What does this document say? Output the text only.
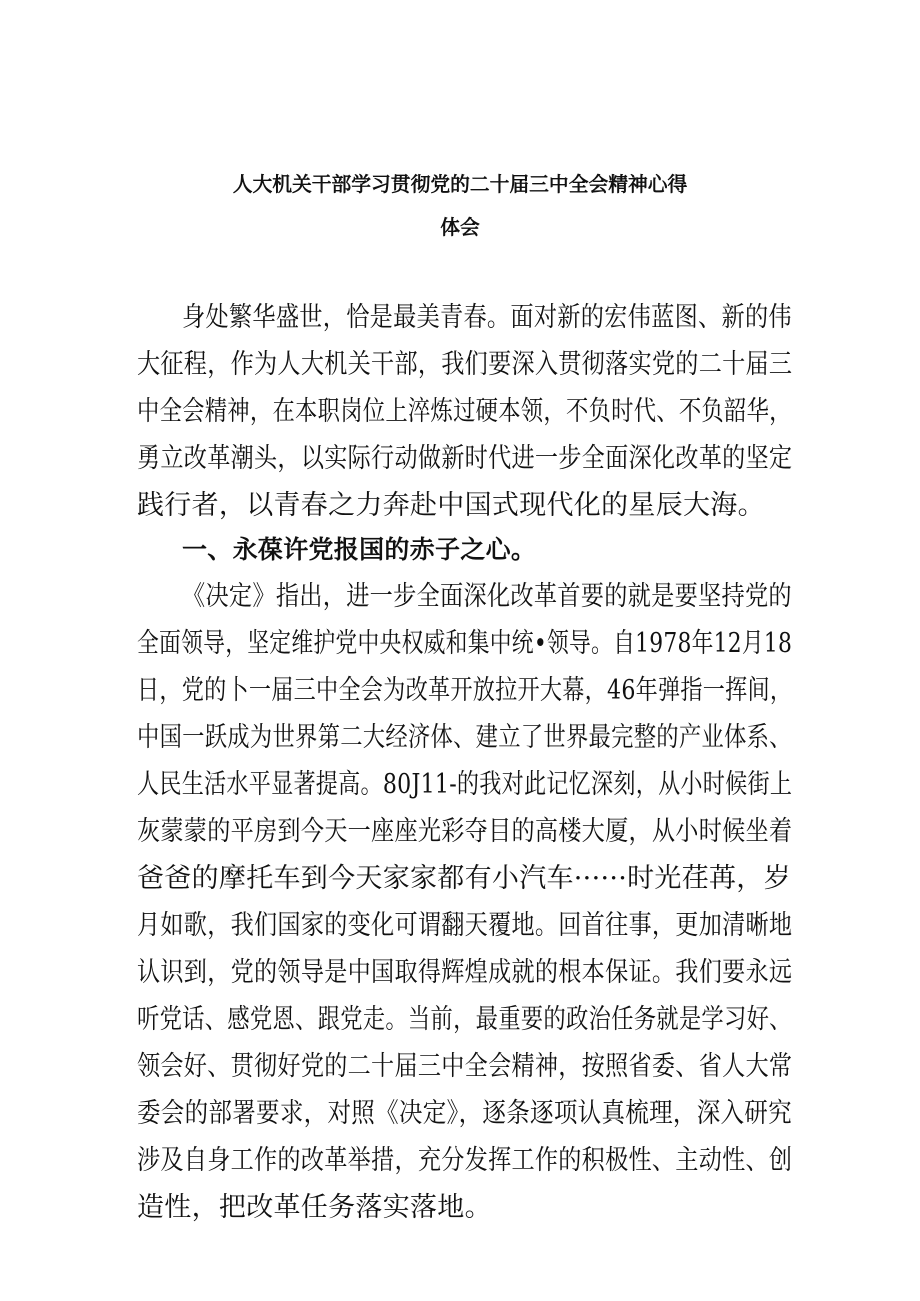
人大机关干部学习贯彻党的二十届三中全会精神心得
体会
身处繁华盛世，恰是最美青春。面对新的宏伟蓝图、新的伟
大征程，作为人大机关干部，我们要深入贯彻落实党的二十届三
中全会精神，在本职岗位上淬炼过硬本领，不负时代、不负韶华，
勇立改革潮头，以实际行动做新时代进一步全面深化改革的坚定
践行者，以青春之力奔赴中国式现代化的星辰大海。
一、永葆许党报国的赤子之心。
《决定》指出，进一步全面深化改革首要的就是要坚持党的
全面领导，坚定维护党中央权威和集中统•领导。自1978年12月18
日，党的卜一届三中全会为改革开放拉开大幕，46年弹指一挥间，
中国一跃成为世界第二大经济体、建立了世界最完整的产业体系、
人民生活水平显著提高。80J11-的我对此记忆深刻，从小时候街上
灰蒙蒙的平房到今天一座座光彩夺目的高楼大厦，从小时候坐着
爸爸的摩托车到今天家家都有小汽车······时光荏苒，岁
月如歌，我们国家的变化可谓翻天覆地。回首往事，更加清晰地
认识到，党的领导是中国取得辉煌成就的根本保证。我们要永远
听党话、感党恩、跟党走。当前，最重要的政治任务就是学习好、
领会好、贯彻好党的二十届三中全会精神，按照省委、省人大常
委会的部署要求，对照《决定》，逐条逐项认真梳理，深入研究
涉及自身工作的改革举措，充分发挥工作的积极性、主动性、创
造性，把改革任务落实落地。
